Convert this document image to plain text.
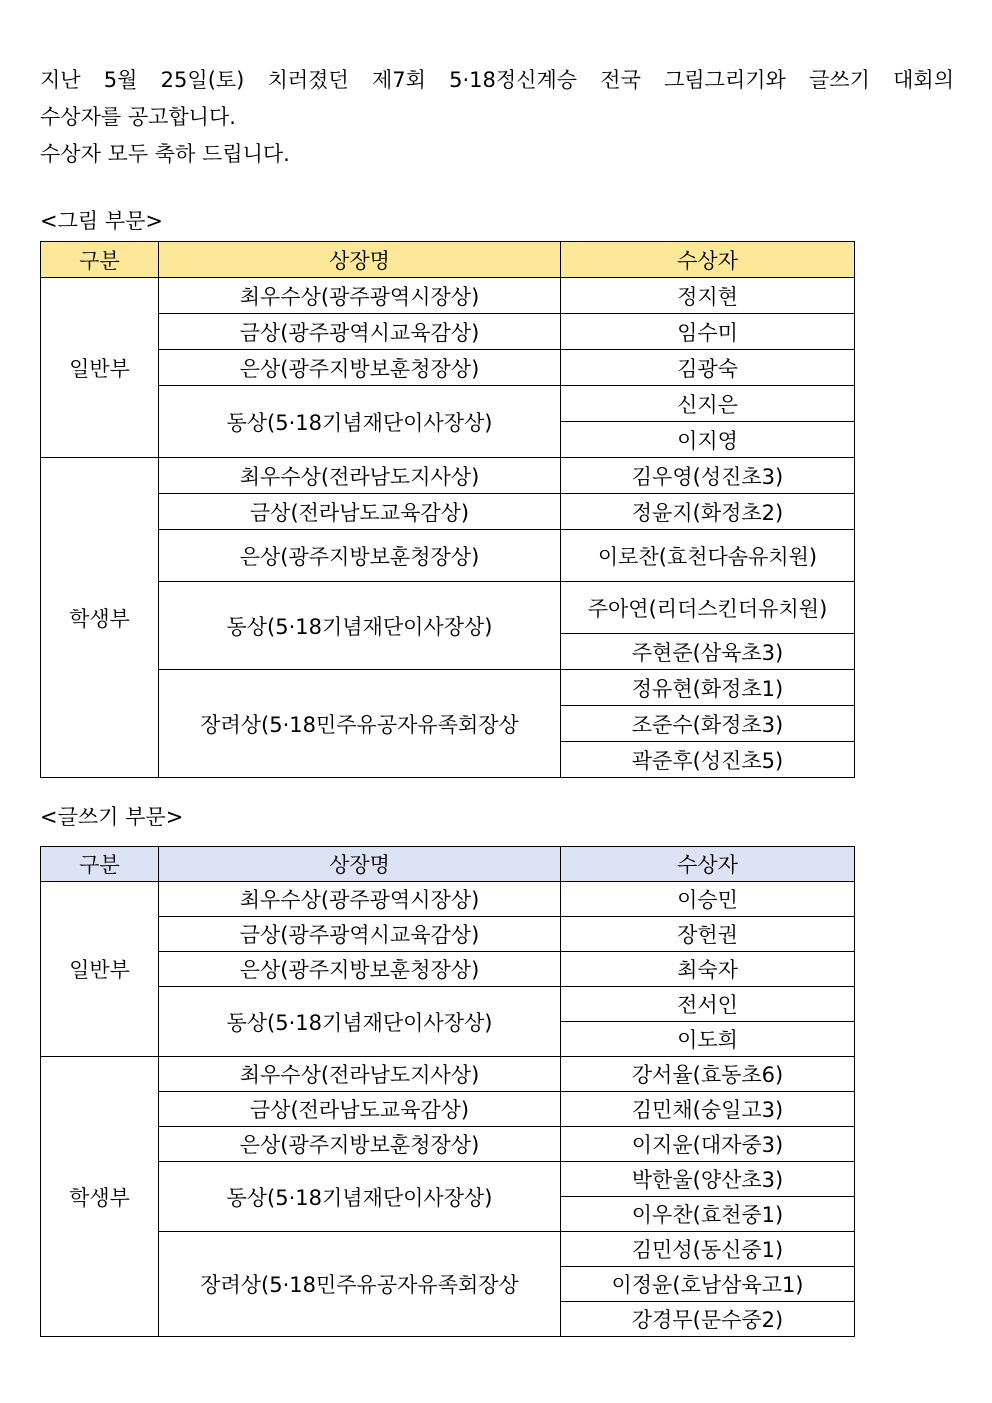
지난 5월 25일(토) 치러졌던 제7회 5·18정신계승 전국 그림그리기와 글쓰기 대회의

수상자를 공고합니다.

수상자 모두 축하 드립니다.

<그림 부문>
구분	상장명	수상자
일반부	최우수상(광주광역시장상)	정지현
	금상(광주광역시교육감상)	임수미
	은상(광주지방보훈청장상)	김광숙
	동상(5·18기념재단이사장상)	신지은
		이지영
학생부	최우수상(전라남도지사상)	김우영(성진초3)
	금상(전라남도교육감상)	정윤지(화정초2)
	은상(광주지방보훈청장상)	이로찬(효천다솜유치원)
	동상(5·18기념재단이사장상)	주아연(리더스킨더유치원)
		주현준(삼육초3)
	장려상(5·18민주유공자유족회장상	정유현(화정초1)
		조준수(화정초3)
		곽준후(성진초5)
<글쓰기 부문>
구분	상장명	수상자
일반부	최우수상(광주광역시장상)	이승민
	금상(광주광역시교육감상)	장헌권
	은상(광주지방보훈청장상)	최숙자
	동상(5·18기념재단이사장상)	전서인
		이도희
학생부	최우수상(전라남도지사상)	강서율(효동초6)
	금상(전라남도교육감상)	김민채(숭일고3)
	은상(광주지방보훈청장상)	이지윤(대자중3)
	동상(5·18기념재단이사장상)	박한울(양산초3)
		이우찬(효천중1)
	장려상(5·18민주유공자유족회장상	김민성(동신중1)
		이정윤(호남삼육고1)
		강경무(문수중2)
